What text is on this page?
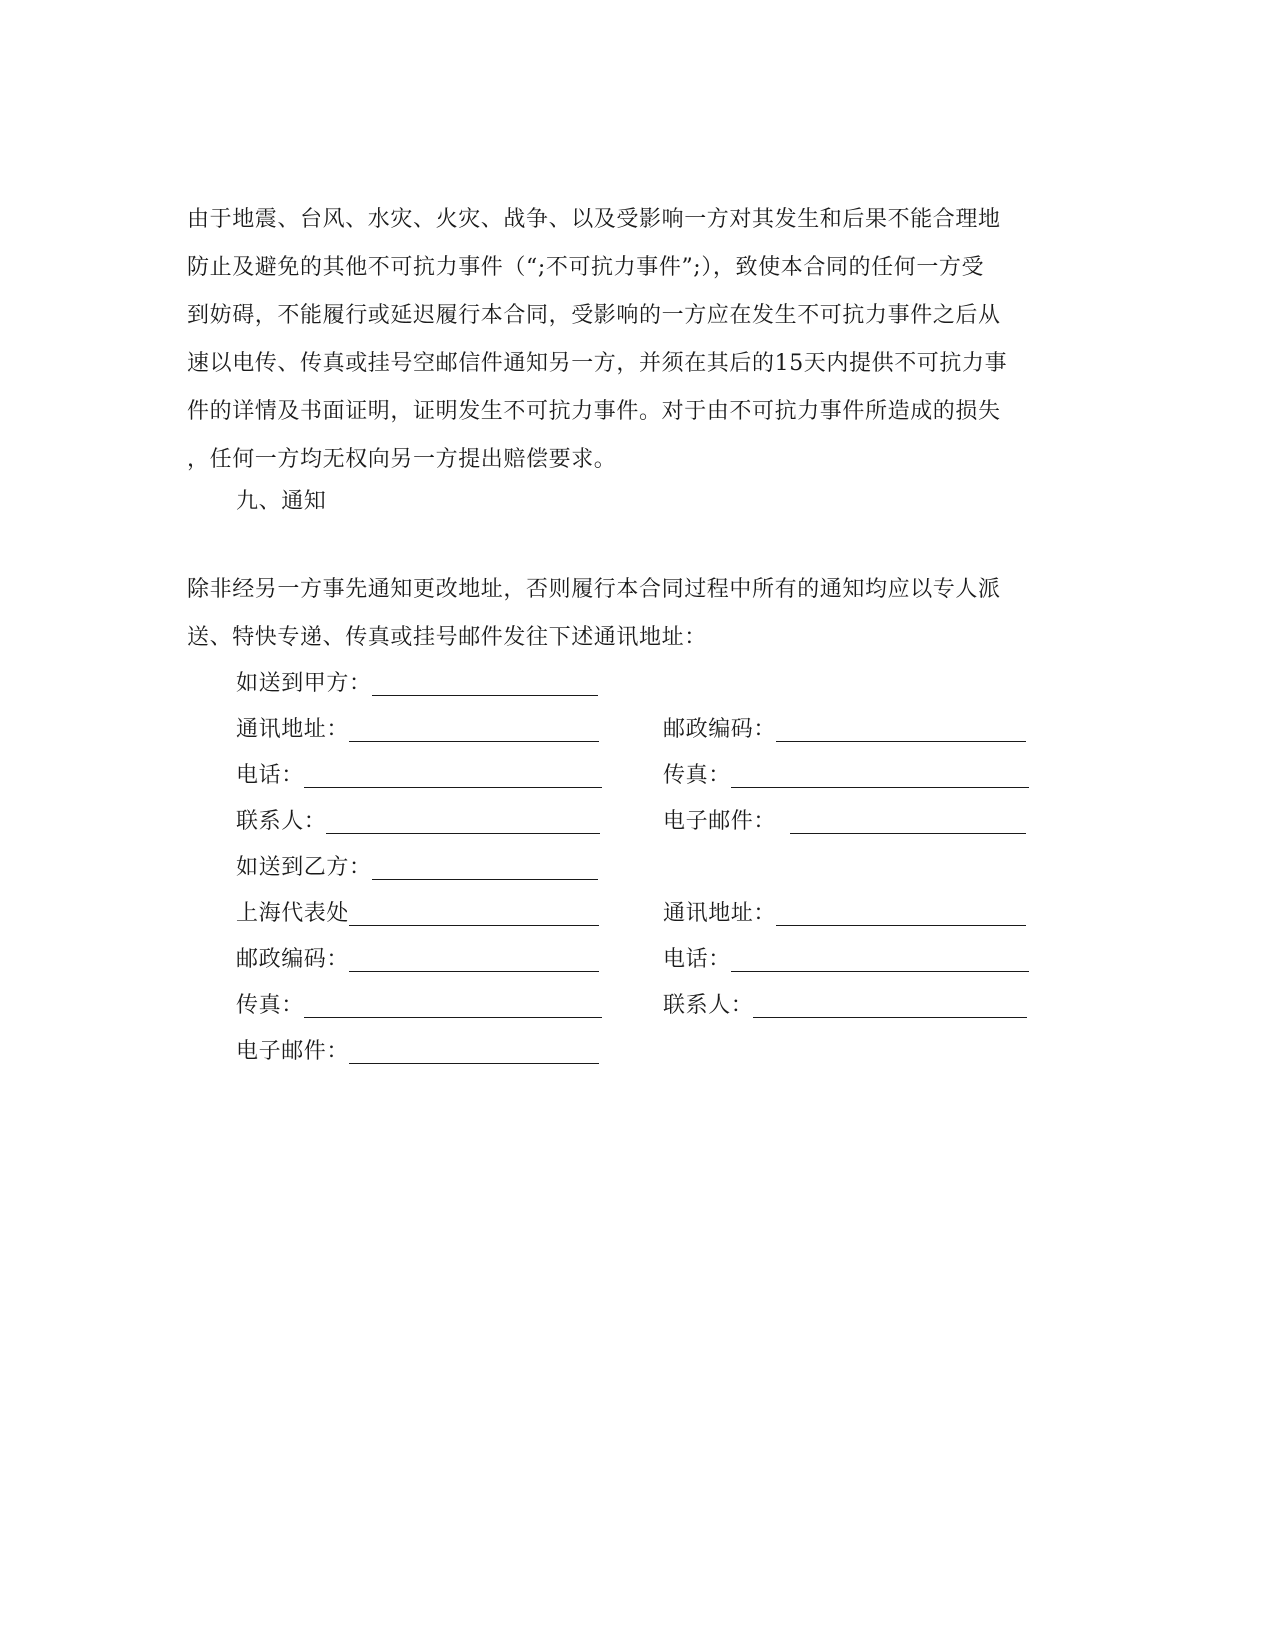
由于地震、台风、水灾、火灾、战争、以及受影响一方对其发生和后果不能合理地
防止及避免的其他不可抗力事件（“;不可抗力事件”;），致使本合同的任何一方受
到妨碍，不能履行或延迟履行本合同，受影响的一方应在发生不可抗力事件之后从
速以电传、传真或挂号空邮信件通知另一方，并须在其后的15天内提供不可抗力事
件的详情及书面证明，证明发生不可抗力事件。对于由不可抗力事件所造成的损失
，任何一方均无权向另一方提出赔偿要求。
九、通知
除非经另一方事先通知更改地址，否则履行本合同过程中所有的通知均应以专人派
送、特快专递、传真或挂号邮件发往下述通讯地址：
如送到甲方：
通讯地址：	邮政编码：
电话：	传真：
联系人：	电子邮件：
如送到乙方：
上海代表处	通讯地址：
邮政编码：	电话：
传真：	联系人：
电子邮件：
